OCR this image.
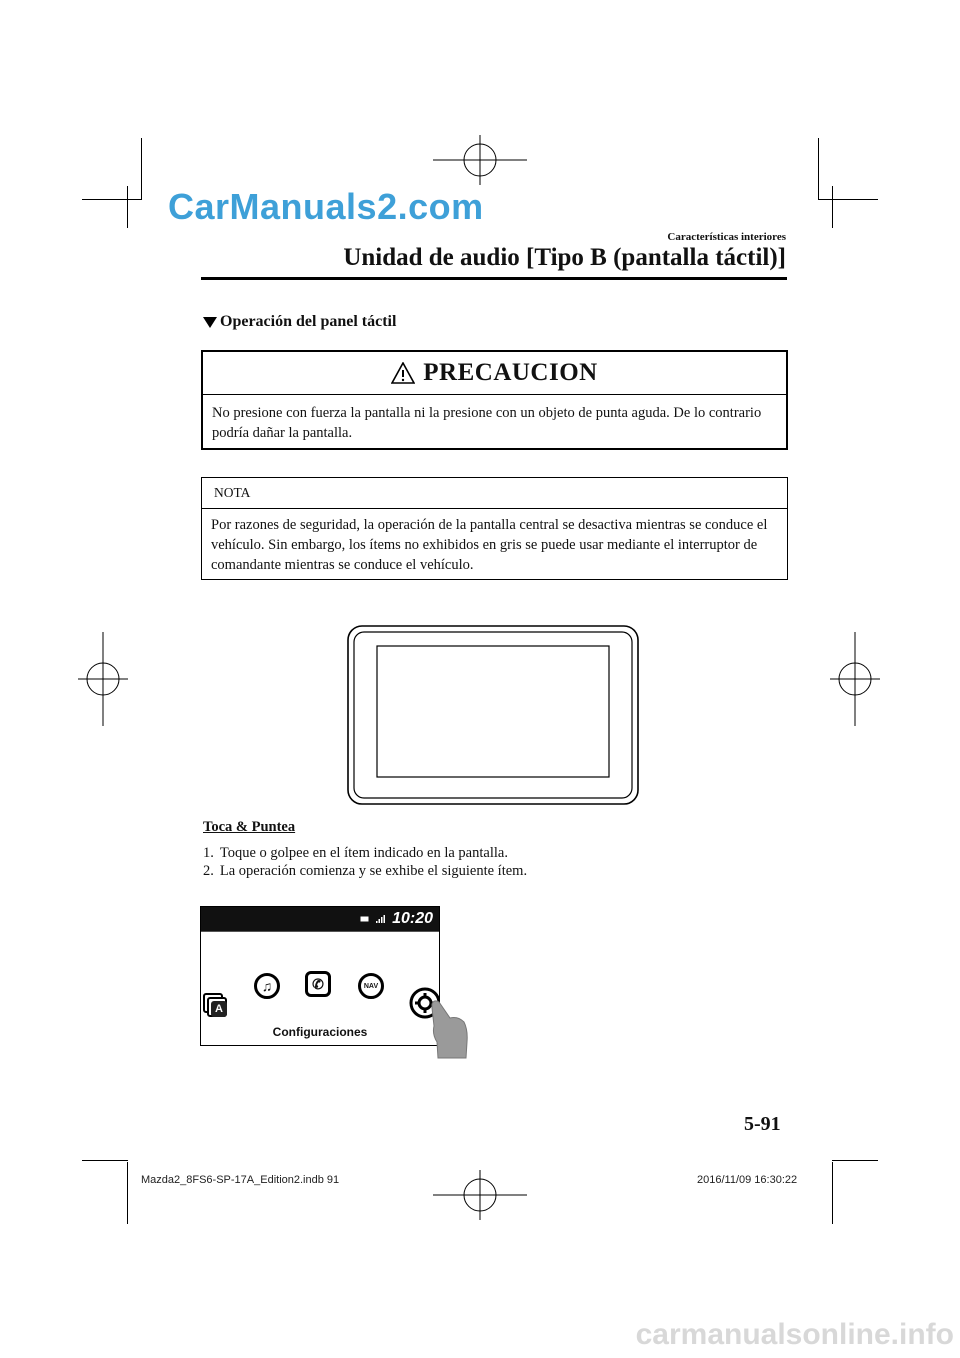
CarManuals2.com
Características interiores
Unidad de audio [Tipo B (pantalla táctil)]
Operación del panel táctil
PRECAUCION
No presione con fuerza la pantalla ni la presione con un objeto de punta aguda. De lo contrario podría dañar la pantalla.
NOTA
Por razones de seguridad, la operación de la pantalla central se desactiva mientras se conduce el vehículo. Sin embargo, los ítems no exhibidos en gris se puede usar mediante el interruptor de comandante mientras se conduce el vehículo.
Toca & Puntea
1. Toque o golpee en el ítem indicado en la pantalla.
2. La operación comienza y se exhibe el siguiente ítem.
10:20
A
♫	✆	NAV
Configuraciones
5-91
Mazda2_8FS6-SP-17A_Edition2.indb 91	2016/11/09 16:30:22
carmanualsonline.info
